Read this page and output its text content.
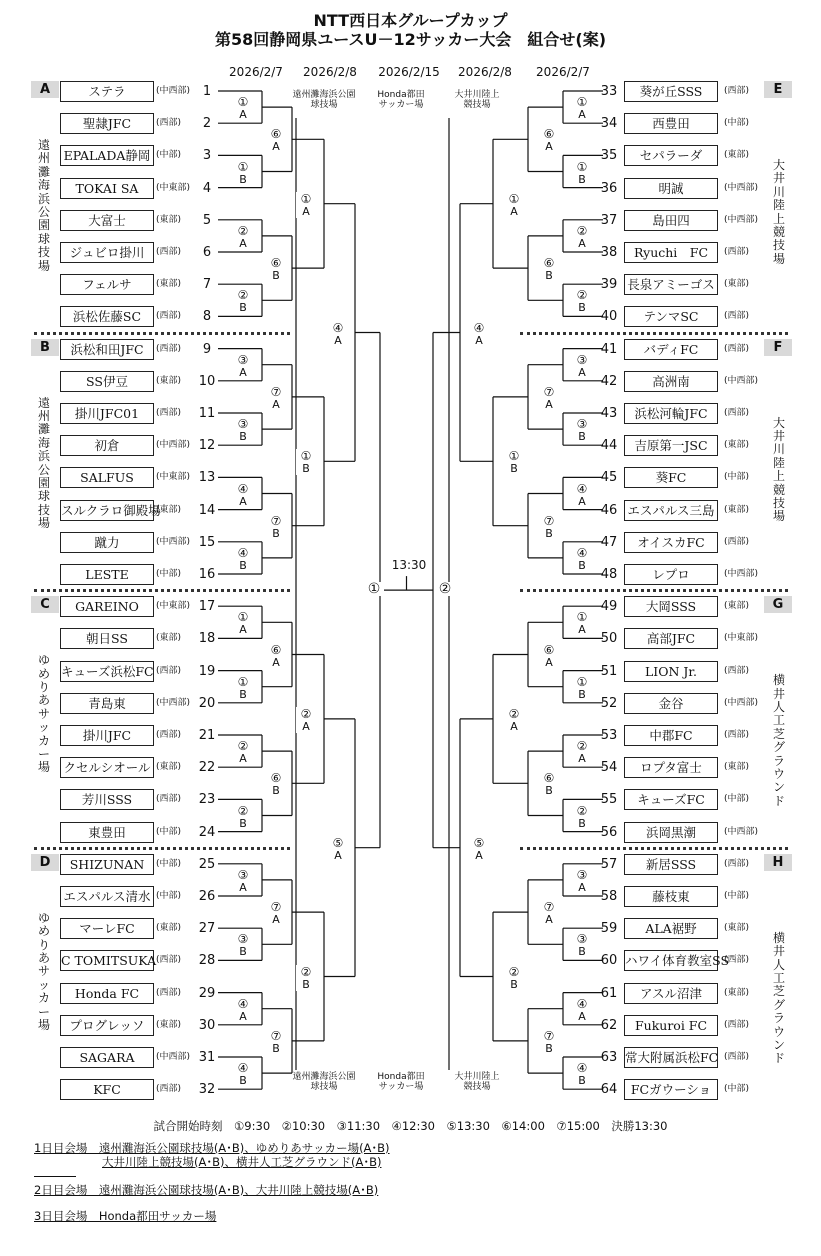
NTT西日本グループカップ
第58回静岡県ユースU－12サッカー大会　組合せ(案)
2026/2/7	2026/2/8	2026/2/15	2026/2/8	2026/2/7
遠州灘海浜公園
球技場
Honda都田
サッカー場
大井川陸上
競技場
遠州灘海浜公園
球技場
Honda都田
サッカー場
大井川陸上
競技場
①
A
①
B
②
A
②
B
③
A
③
B
④
A
④
B
①
A
①
B
②
A
②
B
③
A
③
B
④
A
④
B
⑥
A
⑥
B
⑦
A
⑦
B
⑥
A
⑥
B
⑦
A
⑦
B
①
A
①
B
②
A
②
B
④
A
⑤
A
①
A
①
B
②
A
②
B
③
A
③
B
④
A
④
B
①
A
①
B
②
A
②
B
③
A
③
B
④
A
④
B
⑥
A
⑥
B
⑦
A
⑦
B
⑥
A
⑥
B
⑦
A
⑦
B
①
A
①
B
②
A
②
B
④
A
⑤
A
①	②
ステラ	(中西部) 1
聖隷JFC	(西部)	2
EPALADA静岡 (中部)	3
TOKAI SA	(中東部) 4
大富士	(東部)	5
ジュビロ掛川	(西部)	6
フェルサ	(東部)	7
浜松佐藤SC	(西部)	8
浜松和田JFC	(西部)	9
SS伊豆	(東部)	10
掛川JFC01	(西部)	11
初倉	(中西部) 12
SALFUS	(中東部) 13
スルクラロ御殿場
(東部)	14
蹴力	(中西部) 15
LESTE	(中部)	16
GAREINO	(中東部) 17
朝日SS	(東部)	18
キューズ浜松FC (西部)	19
青島東	(中西部) 20
掛川JFC	(西部)	21
クセルシオール (東部)	22
芳川SSS	(西部)	23
東豊田	(中部)	24
SHIZUNAN	(中部)	25
エスパルス清水 (中部)	26
マーレFC	(東部)	27
C TOMITSUKA (西部)	28
Honda FC	(西部)	29
プログレッソ	(東部)	30
SAGARA	(中西部) 31
KFC	(西部)	32
葵が丘SSS	(西部)
33
西豊田	(中部)
34
セパラーダ	(東部)
35
明誠	(中西部)
36
島田四	(中西部)
37
Ryuchi　FC	(西部)
38
長泉アミーゴス	(東部)
39
テンマSC	(西部)
40
バディFC	(西部)
41
高洲南	(中西部)
42
浜松河輪JFC	(西部)
43
吉原第一JSC	(東部)
44
葵FC	(中部)
45
エスパルス三島	(東部)
46
オイスカFC	(西部)
47
レプロ	(中西部)
48
大岡SSS	(東部)
49
高部JFC	(中東部)
50
LION Jr.	(西部)
51
金谷	(中西部)
52
中郡FC	(西部)
53
ロプタ富士	(東部)
54
キューズFC	(中部)
55
浜岡黒潮	(中西部)
56
新居SSS	(西部)
57
藤枝東	(中部)
58
ALA裾野	(東部)
59
ハワイ体育教室SS
(西部)
60
アスル沼津	(東部)
61
Fukuroi FC	(西部)
62
常大附属浜松FC (西部)
63
FCガウーショ	(中部)
64
A
遠州灘海浜公園球技場
B
遠州灘海浜公園球技場
C
ゆめりあサッカー場
D
ゆめりあサッカー場
E
大井川陸上競技場
F
大井川陸上競技場
G
横井人工芝グラウンド
H
横井人工芝グラウンド
13:30
試合開始時刻　①9:30　②10:30　③11:30　④12:30　⑤13:30　⑥14:00　⑦15:00　決勝13:30
1日目会場　遠州灘海浜公園球技場(A･B)、ゆめりあサッカー場(A･B)
大井川陸上競技場(A･B)、横井人工芝グラウンド(A･B)
2日目会場　遠州灘海浜公園球技場(A･B)、大井川陸上競技場(A･B)
3日目会場　Honda都田サッカー場
